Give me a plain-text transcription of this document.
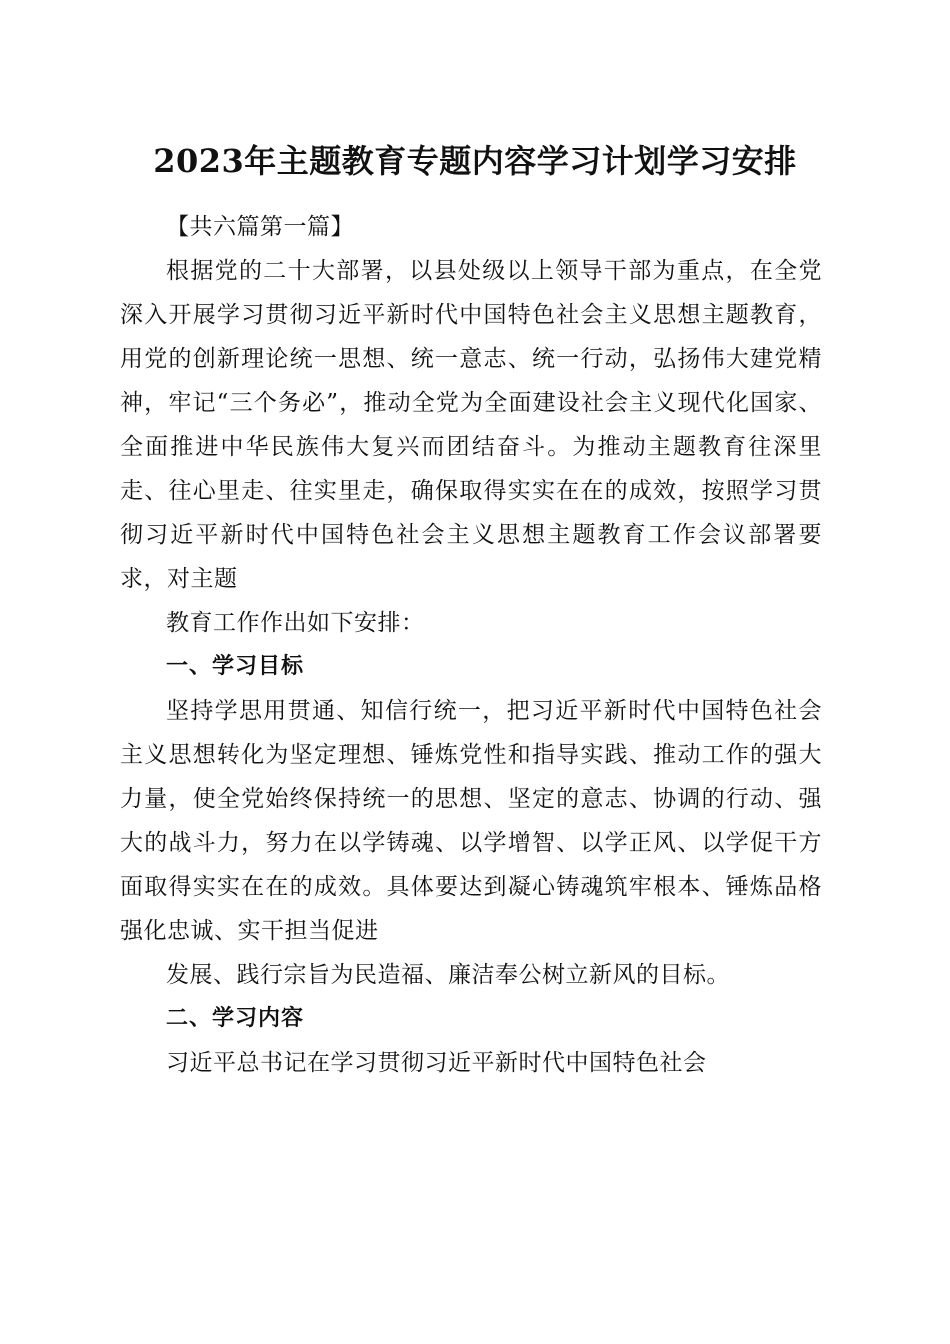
2023年主题教育专题内容学习计划学习安排

【共六篇第一篇】

根据党的二十大部署，以县处级以上领导干部为重点，在全党深入开展学习贯彻习近平新时代中国特色社会主义思想主题教育，用党的创新理论统一思想、统一意志、统一行动，弘扬伟大建党精神，牢记“三个务必”，推动全党为全面建设社会主义现代化国家、全面推进中华民族伟大复兴而团结奋斗。为推动主题教育往深里走、往心里走、往实里走，确保取得实实在在的成效，按照学习贯彻习近平新时代中国特色社会主义思想主题教育工作会议部署要求，对主题

教育工作作出如下安排：

一、学习目标

坚持学思用贯通、知信行统一，把习近平新时代中国特色社会主义思想转化为坚定理想、锤炼党性和指导实践、推动工作的强大力量，使全党始终保持统一的思想、坚定的意志、协调的行动、强大的战斗力，努力在以学铸魂、以学增智、以学正风、以学促干方面取得实实在在的成效。具体要达到凝心铸魂筑牢根本、锤炼品格强化忠诚、实干担当促进

发展、践行宗旨为民造福、廉洁奉公树立新风的目标。

二、学习内容

习近平总书记在学习贯彻习近平新时代中国特色社会
